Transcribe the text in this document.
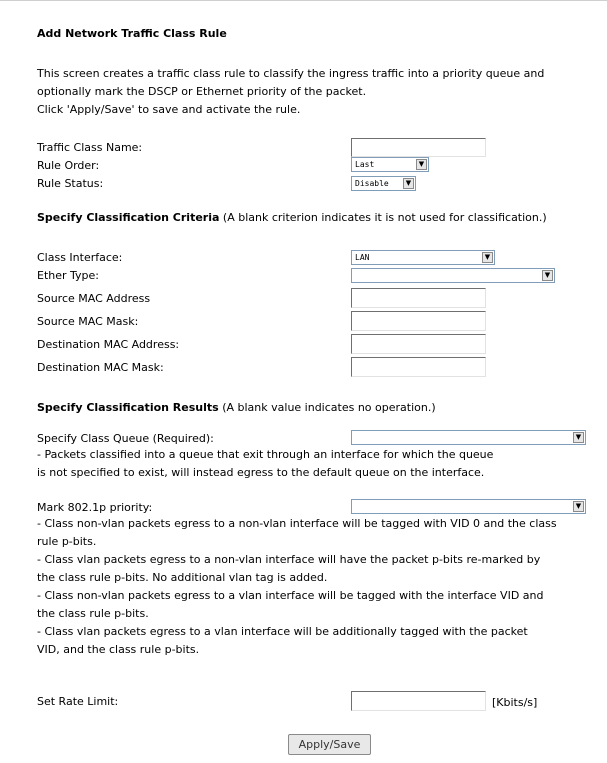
Add Network Traffic Class Rule
This screen creates a traffic class rule to classify the ingress traffic into a priority queue and
optionally mark the DSCP or Ethernet priority of the packet.
Click 'Apply/Save' to save and activate the rule.
Traffic Class Name:
Rule Order:	Last	▼
Rule Status:	Disable	▼
Specify Classification Criteria (A blank criterion indicates it is not used for classification.)
Class Interface:	LAN	▼
Ether Type:	▼
Source MAC Address
Source MAC Mask:
Destination MAC Address:
Destination MAC Mask:
Specify Classification Results (A blank value indicates no operation.)
Specify Class Queue (Required):	▼
- Packets classified into a queue that exit through an interface for which the queue
is not specified to exist, will instead egress to the default queue on the interface.
Mark 802.1p priority:	▼
- Class non-vlan packets egress to a non-vlan interface will be tagged with VID 0 and the class
rule p-bits.
- Class vlan packets egress to a non-vlan interface will have the packet p-bits re-marked by
the class rule p-bits. No additional vlan tag is added.
- Class non-vlan packets egress to a vlan interface will be tagged with the interface VID and
the class rule p-bits.
- Class vlan packets egress to a vlan interface will be additionally tagged with the packet
VID, and the class rule p-bits.
Set Rate Limit:	[Kbits/s]
Apply/Save
